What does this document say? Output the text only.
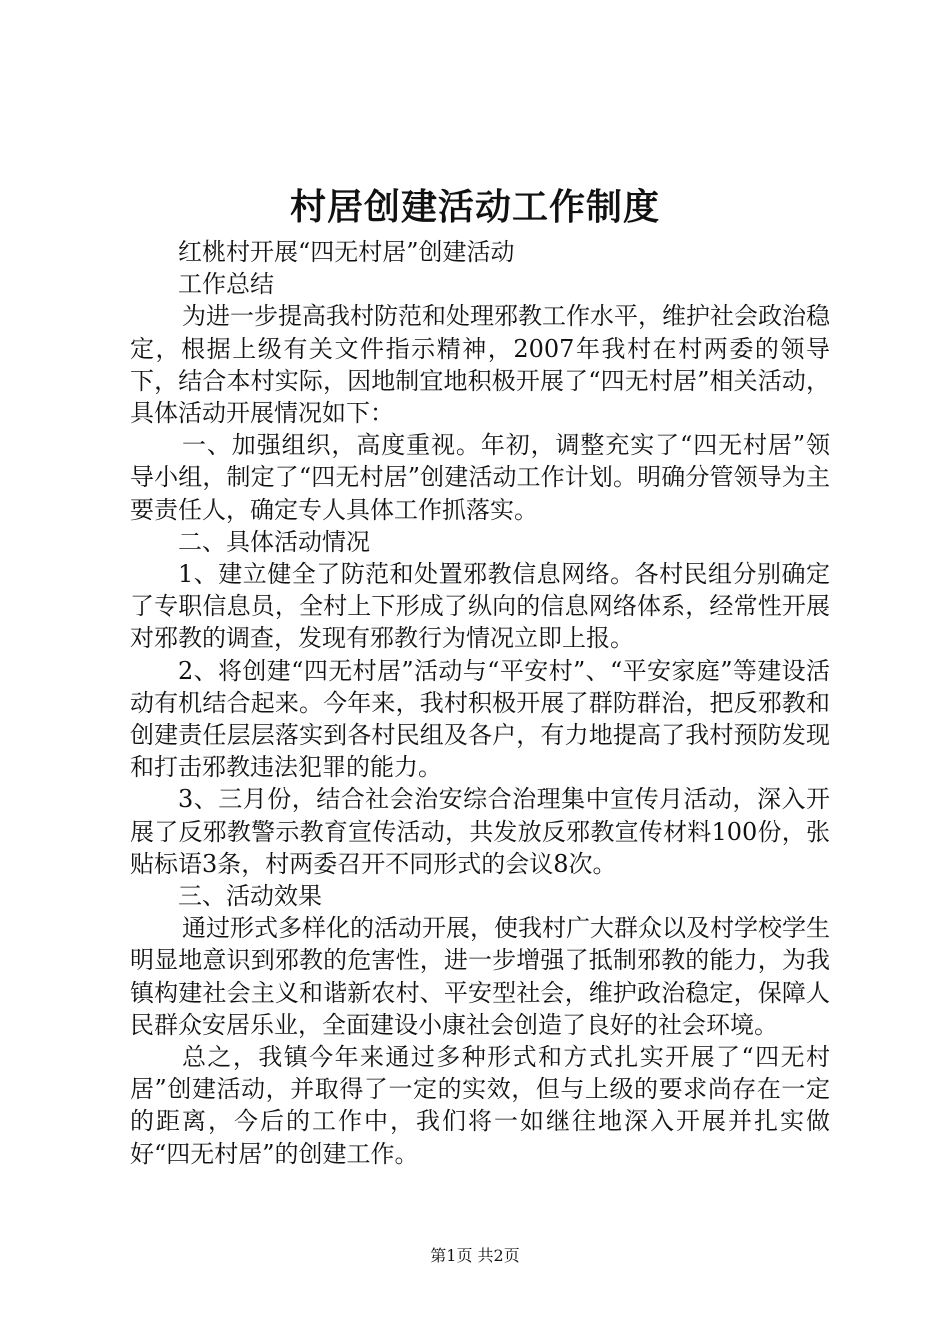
村居创建活动工作制度

红桃村开展“四无村居”创建活动

工作总结

为进一步提高我村防范和处理邪教工作水平，维护社会政治稳定，根据上级有关文件指示精神，2007年我村在村两委的领导下，结合本村实际，因地制宜地积极开展了“四无村居”相关活动，具体活动开展情况如下：

一、加强组织，高度重视。年初，调整充实了“四无村居”领导小组，制定了“四无村居”创建活动工作计划。明确分管领导为主要责任人，确定专人具体工作抓落实。

二、具体活动情况

1、建立健全了防范和处置邪教信息网络。各村民组分别确定了专职信息员，全村上下形成了纵向的信息网络体系，经常性开展对邪教的调查，发现有邪教行为情况立即上报。

2、将创建“四无村居”活动与“平安村”、“平安家庭”等建设活动有机结合起来。今年来，我村积极开展了群防群治，把反邪教和创建责任层层落实到各村民组及各户，有力地提高了我村预防发现和打击邪教违法犯罪的能力。

3、三月份，结合社会治安综合治理集中宣传月活动，深入开展了反邪教警示教育宣传活动，共发放反邪教宣传材料100份，张贴标语3条，村两委召开不同形式的会议8次。

三、活动效果

通过形式多样化的活动开展，使我村广大群众以及村学校学生明显地意识到邪教的危害性，进一步增强了抵制邪教的能力，为我镇构建社会主义和谐新农村、平安型社会，维护政治稳定，保障人民群众安居乐业，全面建设小康社会创造了良好的社会环境。

总之，我镇今年来通过多种形式和方式扎实开展了“四无村居”创建活动，并取得了一定的实效，但与上级的要求尚存在一定的距离，今后的工作中，我们将一如继往地深入开展并扎实做好“四无村居”的创建工作。

第1页 共2页
